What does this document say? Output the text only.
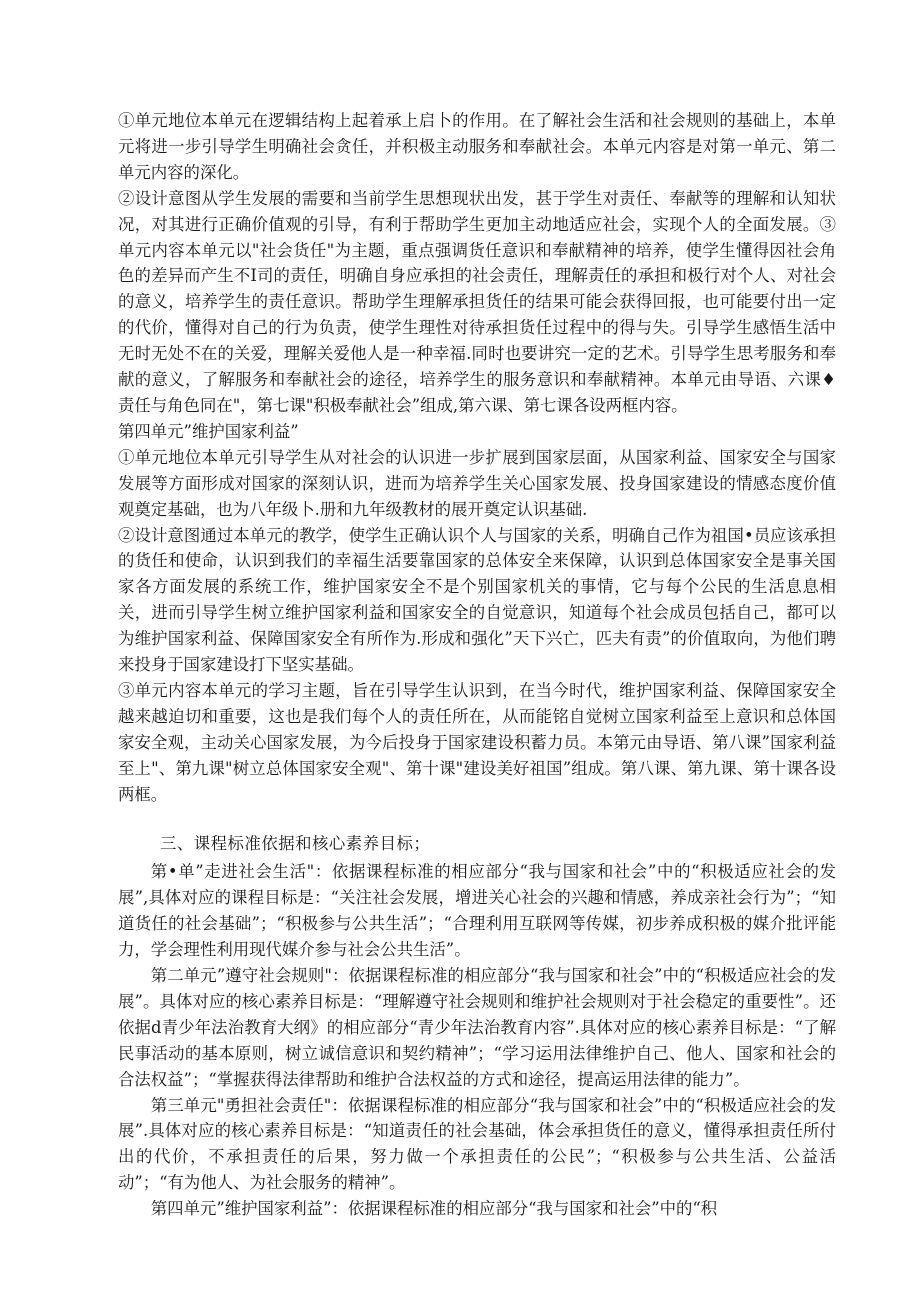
①单元地位本单元在逻辑结构上起着承上启卜的作用。在了解社会生活和社会规则的基础上，本单元将进一步引导学生明确社会贪任，并积极主动服务和奉献社会。本单元内容是对第一单元、第二单元内容的深化。

②设计意图从学生发展的需要和当前学生思想现状出发，甚于学生对责任、奉献等的理解和认知状况，对其进行正确价值观的引导，有利于帮助学生更加主动地适应社会，实现个人的全面发展。③单元内容本单元以"社会货任"为主题，重点强调货任意识和奉献精神的培养，使学生懂得因社会角色的差异而产生不I司的责任，明确自身应承担的社会责任，理解责任的承担和极行对个人、对社会的意义，培养学生的责任意识。帮助学生理解承担货任的结果可能会获得回报，也可能要付出一定的代价，懂得对自己的行为负责，使学生理性对待承担货任过程中的得与失。引导学生感悟生活中无时无处不在的关爱，理解关爱他人是一种幸福.同时也要讲究一定的艺术。引导学生思考服务和奉献的意义，了解服务和奉献社会的途径，培养学生的服务意识和奉献精神。本单元由导语、六课♦责任与角色同在"，第七课"积极奉献社会”组成,第六课、第七课各设两框内容。

第四单元”维护国家利益”

①单元地位本单元引导学生从对社会的认识进一步扩展到国家层面，从国家利益、国家安全与国家发展等方面形成对国家的深刻认识，进而为培养学生关心国家发展、投身国家建设的情感态度价值观奠定基础，也为八年级卜.册和九年级教材的展开奠定认识基础.

②设计意图通过本单元的教学，使学生正确认识个人与国家的关系，明确自己作为祖国•员应该承担的货任和使命，认识到我们的幸福生活要靠国家的总体安全来保障，认识到总体国家安全是事关国家各方面发展的系统工作，维护国家安全不是个别国家机关的事情，它与每个公民的生活息息相关，进而引导学生树立维护国家利益和国家安全的自觉意识，知道每个社会成员包括自己，都可以为维护国家利益、保障国家安全有所作为.形成和强化”天下兴亡，匹夫有责”的价值取向，为他们聘来投身于国家建设打下坚实基础。

③单元内容本单元的学习主题，旨在引导学生认识到，在当今时代，维护国家利益、保障国家安全越来越迫切和重要，这也是我们每个人的责任所在，从而能铭自觉树立国家利益至上意识和总体国家安全观，主动关心国家发展，为今后投身于国家建设积蓄力员。本第元由导语、第八课”国家利益至上"、第九课"树立总体国家安全观"、第十课"建设美好祖国”组成。第八课、第九课、第十课各设两框。

三、课程标准依据和核心素养目标；

第•单”走进社会生活"：依据课程标准的相应部分“我与国家和社会”中的“积极适应社会的发展”,具体对应的课程目标是：“关注社会发展，增进关心社会的兴趣和情感，养成亲社会行为”；“知道货任的社会基础”；“积极参与公共生活”；“合理利用互联网等传媒，初步养成积极的媒介批评能力，学会理性利用现代媒介参与社会公共生活”。

第二单元”遵守社会规则"：依据课程标准的相应部分“我与国家和社会”中的“积极适应社会的发展”。具体对应的核心素养目标是：“理解遵守社会规则和维护社会规则对于社会稳定的重要性”。还依据d青少年法治教育大纲》的相应部分“青少年法治教育内容”.具体对应的核心素养目标是：“了解民事活动的基本原则，树立诚信意识和契约精神”；“学习运用法律维护自己、他人、国家和社会的合法权益”；“掌握获得法律帮助和维护合法权益的方式和途径，提高运用法律的能力”。

第三单元"勇担社会责任"：依据课程标准的相应部分“我与国家和社会”中的“积极适应社会的发展”.具体对应的核心素养目标是：“知道责任的社会基础，体会承担货任的意义，懂得承担责任所付出的代价，不承担责任的后果，努力做一个承担责任的公民”；“积极参与公共生活、公益活动”；“有为他人、为社会服务的精神”。

第四单元”维护国家利益”：依据课程标准的相应部分“我与国家和社会”中的“积
